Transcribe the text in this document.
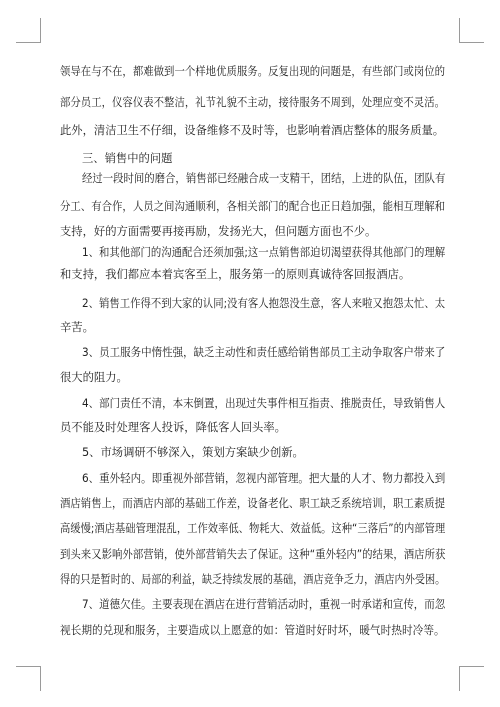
领导在与不在，都难做到一个样地优质服务。反复出现的问题是，有些部门或岗位的
部分员工，仪容仪表不整洁，礼节礼貌不主动，接待服务不周到，处理应变不灵活。
此外，清洁卫生不仔细，设备维修不及时等，也影响着酒店整体的服务质量。
三、销售中的问题
经过一段时间的磨合，销售部已经融合成一支精干，团结，上进的队伍，团队有
分工、有合作，人员之间沟通顺利，各相关部门的配合也正日趋加强，能相互理解和
支持，好的方面需要再接再励，发扬光大，但问题方面也不少。
1、和其他部门的沟通配合还须加强;这一点销售部迫切渴望获得其他部门的理解
和支持，我们都应本着宾客至上，服务第一的原则真诚待客回报酒店。
2、销售工作得不到大家的认同;没有客人抱怨没生意，客人来啦又抱怨太忙、太
辛苦。
3、员工服务中惰性强，缺乏主动性和责任感给销售部员工主动争取客户带来了
很大的阻力。
4、部门责任不清，本末倒置，出现过失事件相互指责、推脱责任，导致销售人
员不能及时处理客人投诉，降低客人回头率。
5、市场调研不够深入，策划方案缺少创新。
6、重外轻内。即重视外部营销，忽视内部管理。把大量的人才、物力都投入到
酒店销售上，而酒店内部的基础工作差，设备老化、职工缺乏系统培训，职工素质提
高缓慢;酒店基础管理混乱，工作效率低、物耗大、效益低。这种“三落后”的内部管理
到头来又影响外部营销，使外部营销失去了保证。这种“重外轻内”的结果，酒店所获
得的只是暂时的、局部的利益，缺乏持续发展的基础，酒店竞争乏力，酒店内外受困。
7、道德欠佳。主要表现在酒店在进行营销活动时，重视一时承诺和宣传，而忽
视长期的兑现和服务，主要造成以上愿意的如：管道时好时坏，暖气时热时冷等。
